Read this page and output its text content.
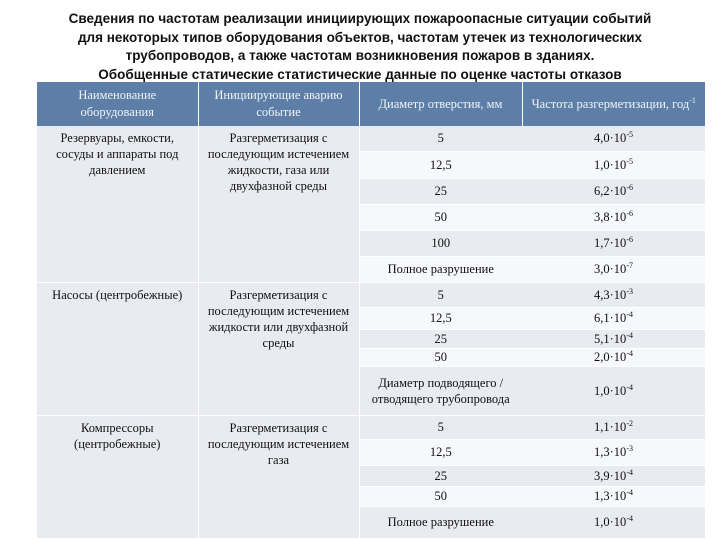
Сведения по частотам реализации инициирующих пожароопасные ситуации событий
для некоторых типов оборудования объектов, частотам утечек из технологических
трубопроводов, а также частотам возникновения пожаров в зданиях.
Обобщенные статические статистические данные по оценке частоты отказов
Наименование оборудования	Инициирующие аварию событие	Диаметр отверстия, мм	Частота разгерметизации, год$^{-1}$
Резервуары, емкости, сосуды и аппараты под давлением	Разгерметизация с последующим истечением жидкости, газа или двухфазной среды	5	$4,0\cdot 10^{-5}$
		12,5	$1,0\cdot 10^{-5}$
		25	$6,2\cdot 10^{-6}$
		50	$3,8\cdot 10^{-6}$
		100	$1,7\cdot 10^{-6}$
		Полное разрушение	$3,0\cdot 10^{-7}$
Насосы (центробежные)	Разгерметизация с последующим истечением жидкости или двухфазной среды	5	$4,3\cdot 10^{-3}$
		12,5	$6,1\cdot 10^{-4}$
		25	$5,1\cdot 10^{-4}$
		50	$2,0\cdot 10^{-4}$
		Диаметр подводящего / отводящего трубопровода	$1,0\cdot 10^{-4}$
Компрессоры (центробежные)	Разгерметизация с последующим истечением газа	5	$1,1\cdot 10^{-2}$
		12,5	$1,3\cdot 10^{-3}$
		25	$3,9\cdot 10^{-4}$
		50	$1,3\cdot 10^{-4}$
		Полное разрушение	$1,0\cdot 10^{-4}$
